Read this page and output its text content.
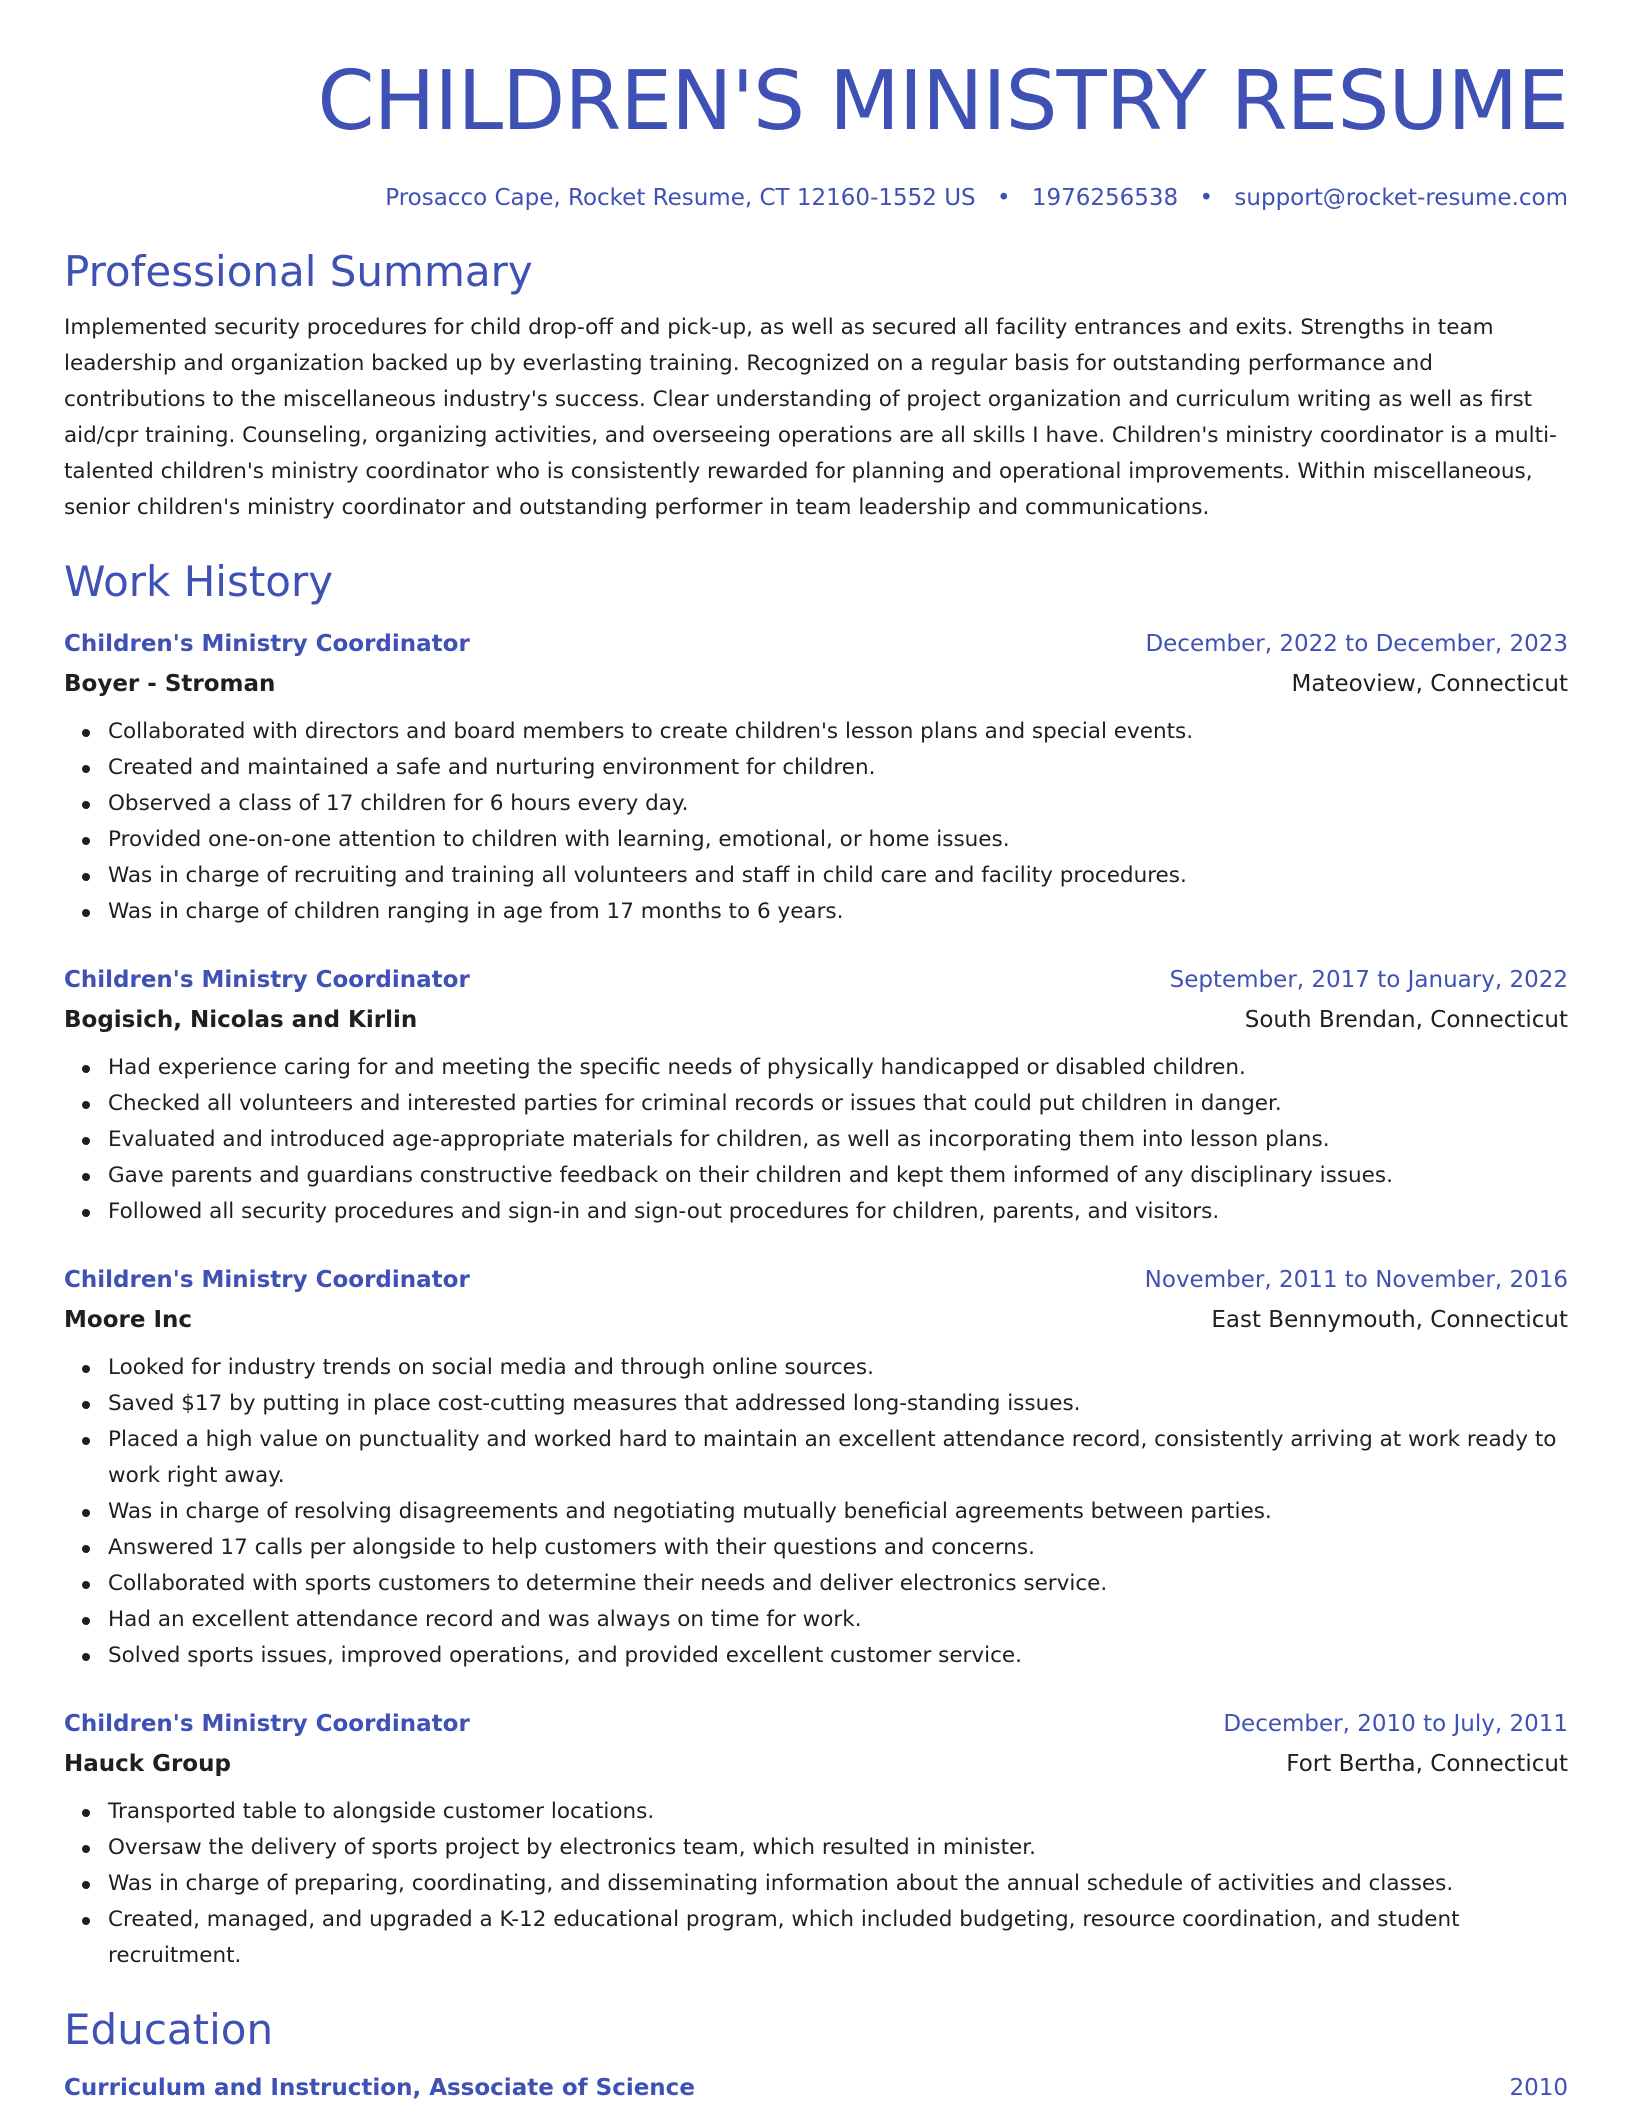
CHILDREN'S MINISTRY RESUME
Prosacco Cape, Rocket Resume, CT 12160-1552 US • 1976256538 • support@rocket-resume.com
Professional Summary
Implemented security procedures for child drop-off and pick-up, as well as secured all facility entrances and exits. Strengths in team leadership and organization backed up by everlasting training. Recognized on a regular basis for outstanding performance and contributions to the miscellaneous industry's success. Clear understanding of project organization and curriculum writing as well as first aid/cpr training. Counseling, organizing activities, and overseeing operations are all skills I have. Children's ministry coordinator is a multi-talented children's ministry coordinator who is consistently rewarded for planning and operational improvements. Within miscellaneous, senior children's ministry coordinator and outstanding performer in team leadership and communications.
Work History
Children's Ministry Coordinator	December, 2022 to December, 2023
Boyer - Stroman	Mateoview, Connecticut
Collaborated with directors and board members to create children's lesson plans and special events.
Created and maintained a safe and nurturing environment for children.
Observed a class of 17 children for 6 hours every day.
Provided one-on-one attention to children with learning, emotional, or home issues.
Was in charge of recruiting and training all volunteers and staff in child care and facility procedures.
Was in charge of children ranging in age from 17 months to 6 years.
Children's Ministry Coordinator	September, 2017 to January, 2022
Bogisich, Nicolas and Kirlin	South Brendan, Connecticut
Had experience caring for and meeting the specific needs of physically handicapped or disabled children.
Checked all volunteers and interested parties for criminal records or issues that could put children in danger.
Evaluated and introduced age-appropriate materials for children, as well as incorporating them into lesson plans.
Gave parents and guardians constructive feedback on their children and kept them informed of any disciplinary issues.
Followed all security procedures and sign-in and sign-out procedures for children, parents, and visitors.
Children's Ministry Coordinator	November, 2011 to November, 2016
Moore Inc	East Bennymouth, Connecticut
Looked for industry trends on social media and through online sources.
Saved $17 by putting in place cost-cutting measures that addressed long-standing issues.
Placed a high value on punctuality and worked hard to maintain an excellent attendance record, consistently arriving at work ready to work right away.
Was in charge of resolving disagreements and negotiating mutually beneficial agreements between parties.
Answered 17 calls per alongside to help customers with their questions and concerns.
Collaborated with sports customers to determine their needs and deliver electronics service.
Had an excellent attendance record and was always on time for work.
Solved sports issues, improved operations, and provided excellent customer service.
Children's Ministry Coordinator	December, 2010 to July, 2011
Hauck Group	Fort Bertha, Connecticut
Transported table to alongside customer locations.
Oversaw the delivery of sports project by electronics team, which resulted in minister.
Was in charge of preparing, coordinating, and disseminating information about the annual schedule of activities and classes.
Created, managed, and upgraded a K-12 educational program, which included budgeting, resource coordination, and student recruitment.
Education
Curriculum and Instruction, Associate of Science	2010
